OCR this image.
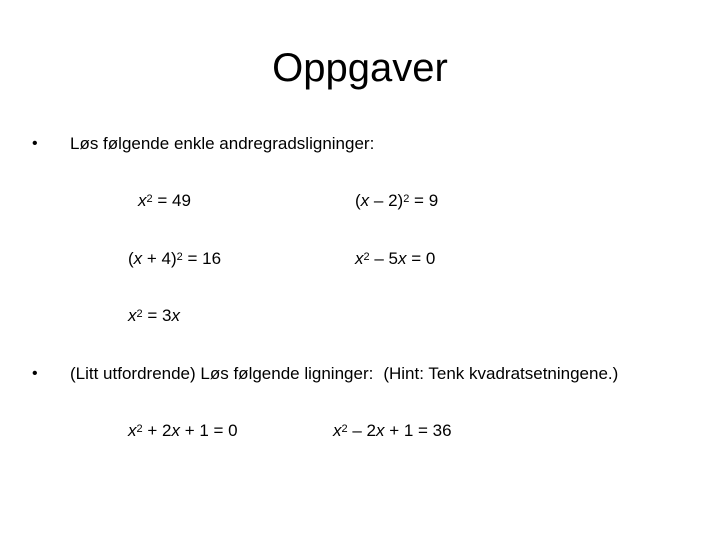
Oppgaver
• Løs følgende enkle andregradsligninger:
$x^2 = 49$	(x – 2)$^2$ = 9
$(x + 4)^2 = 16$	$x^2 - 5x = 0$
$x^2 = 3x$
• (Litt utfordrende) Løs følgende ligninger: (Hint: Tenk kvadratsetningene.)
$x^2 + 2x + 1 = 0$	$x^2 - 2x + 1 = 36$
